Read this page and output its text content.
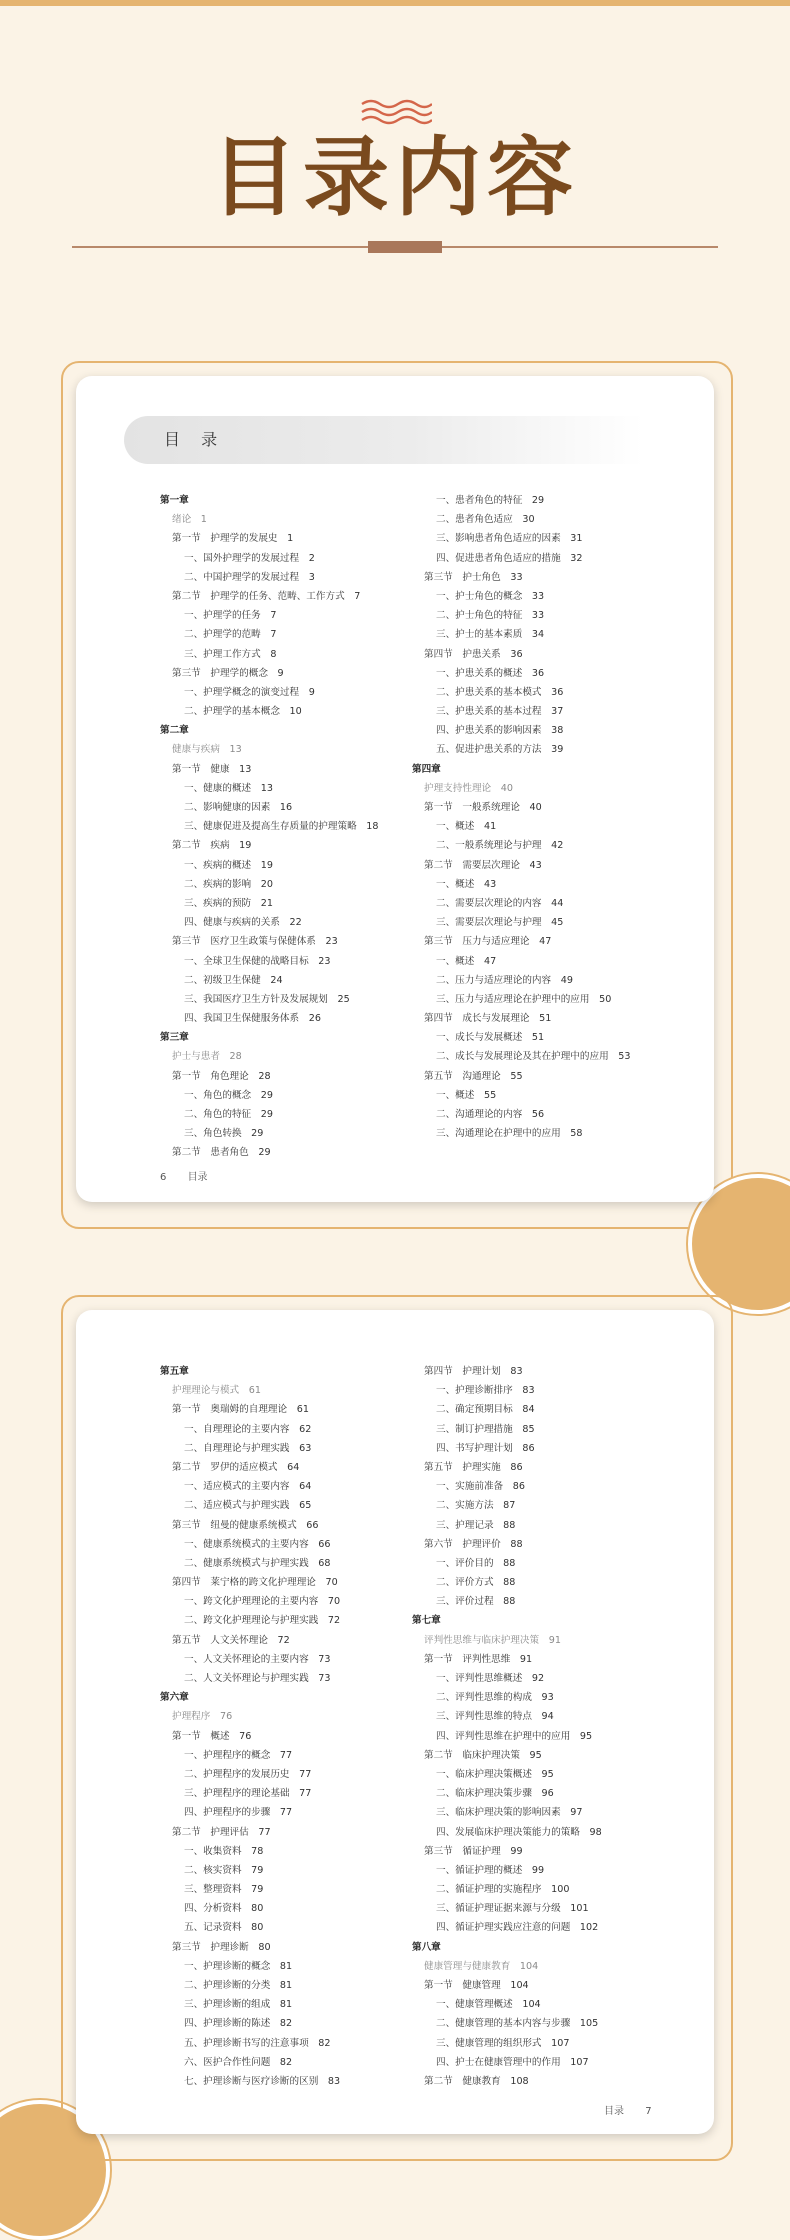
目录内容
目 录
第一章
绪论　1
第一节　护理学的发展史　1
一、国外护理学的发展过程　2
二、中国护理学的发展过程　3
第二节　护理学的任务、范畴、工作方式　7
一、护理学的任务　7
二、护理学的范畴　7
三、护理工作方式　8
第三节　护理学的概念　9
一、护理学概念的演变过程　9
二、护理学的基本概念　10
第二章
健康与疾病　13
第一节　健康　13
一、健康的概述　13
二、影响健康的因素　16
三、健康促进及提高生存质量的护理策略　18
第二节　疾病　19
一、疾病的概述　19
二、疾病的影响　20
三、疾病的预防　21
四、健康与疾病的关系　22
第三节　医疗卫生政策与保健体系　23
一、全球卫生保健的战略目标　23
二、初级卫生保健　24
三、我国医疗卫生方针及发展规划　25
四、我国卫生保健服务体系　26
第三章
护士与患者　28
第一节　角色理论　28
一、角色的概念　29
二、角色的特征　29
三、角色转换　29
第二节　患者角色　29
一、患者角色的特征　29
二、患者角色适应　30
三、影响患者角色适应的因素　31
四、促进患者角色适应的措施　32
第三节　护士角色　33
一、护士角色的概念　33
二、护士角色的特征　33
三、护士的基本素质　34
第四节　护患关系　36
一、护患关系的概述　36
二、护患关系的基本模式　36
三、护患关系的基本过程　37
四、护患关系的影响因素　38
五、促进护患关系的方法　39
第四章
护理支持性理论　40
第一节　一般系统理论　40
一、概述　41
二、一般系统理论与护理　42
第二节　需要层次理论　43
一、概述　43
二、需要层次理论的内容　44
三、需要层次理论与护理　45
第三节　压力与适应理论　47
一、概述　47
二、压力与适应理论的内容　49
三、压力与适应理论在护理中的应用　50
第四节　成长与发展理论　51
一、成长与发展概述　51
二、成长与发展理论及其在护理中的应用　53
第五节　沟通理论　55
一、概述　55
二、沟通理论的内容　56
三、沟通理论在护理中的应用　58
6 目录
第五章
护理理论与模式　61
第一节　奥瑞姆的自理理论　61
一、自理理论的主要内容　62
二、自理理论与护理实践　63
第二节　罗伊的适应模式　64
一、适应模式的主要内容　64
二、适应模式与护理实践　65
第三节　纽曼的健康系统模式　66
一、健康系统模式的主要内容　66
二、健康系统模式与护理实践　68
第四节　莱宁格的跨文化护理理论　70
一、跨文化护理理论的主要内容　70
二、跨文化护理理论与护理实践　72
第五节　人文关怀理论　72
一、人文关怀理论的主要内容　73
二、人文关怀理论与护理实践　73
第六章
护理程序　76
第一节　概述　76
一、护理程序的概念　77
二、护理程序的发展历史　77
三、护理程序的理论基础　77
四、护理程序的步骤　77
第二节　护理评估　77
一、收集资料　78
二、核实资料　79
三、整理资料　79
四、分析资料　80
五、记录资料　80
第三节　护理诊断　80
一、护理诊断的概念　81
二、护理诊断的分类　81
三、护理诊断的组成　81
四、护理诊断的陈述　82
五、护理诊断书写的注意事项　82
六、医护合作性问题　82
七、护理诊断与医疗诊断的区别　83
第四节　护理计划　83
一、护理诊断排序　83
二、确定预期目标　84
三、制订护理措施　85
四、书写护理计划　86
第五节　护理实施　86
一、实施前准备　86
二、实施方法　87
三、护理记录　88
第六节　护理评价　88
一、评价目的　88
二、评价方式　88
三、评价过程　88
第七章
评判性思维与临床护理决策　91
第一节　评判性思维　91
一、评判性思维概述　92
二、评判性思维的构成　93
三、评判性思维的特点　94
四、评判性思维在护理中的应用　95
第二节　临床护理决策　95
一、临床护理决策概述　95
二、临床护理决策步骤　96
三、临床护理决策的影响因素　97
四、发展临床护理决策能力的策略　98
第三节　循证护理　99
一、循证护理的概述　99
二、循证护理的实施程序　100
三、循证护理证据来源与分级　101
四、循证护理实践应注意的问题　102
第八章
健康管理与健康教育　104
第一节　健康管理　104
一、健康管理概述　104
二、健康管理的基本内容与步骤　105
三、健康管理的组织形式　107
四、护士在健康管理中的作用　107
第二节　健康教育　108
目录 7
